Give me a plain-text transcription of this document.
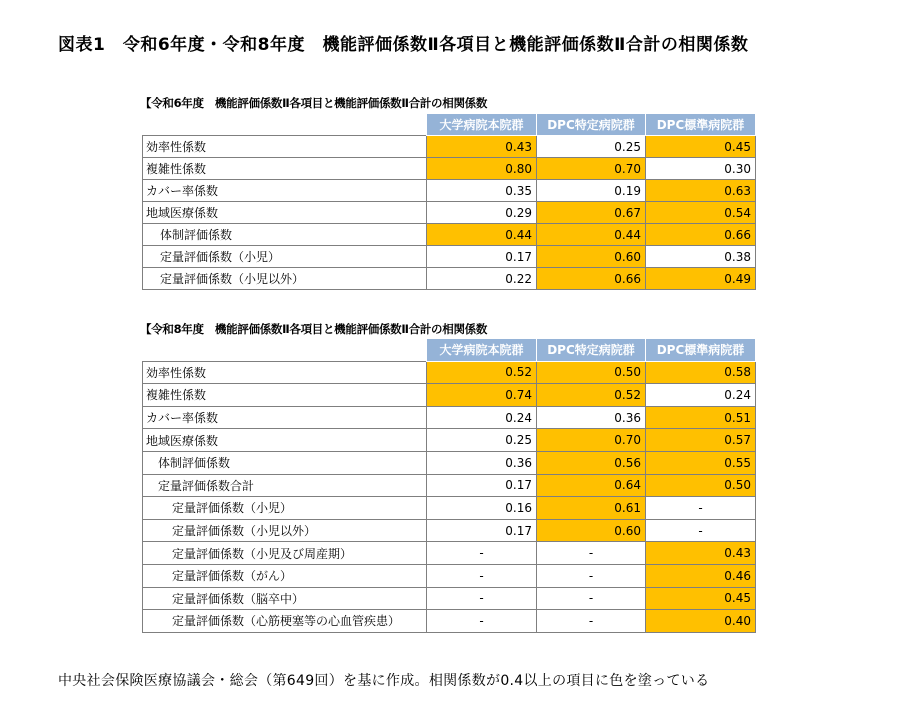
図表1　令和6年度・令和8年度　機能評価係数Ⅱ各項目と機能評価係数Ⅱ合計の相関係数
【令和6年度　機能評価係数Ⅱ各項目と機能評価係数Ⅱ合計の相関係数
	大学病院本院群	DPC特定病院群	DPC標準病院群
効率性係数	0.43	0.25	0.45
複雑性係数	0.80	0.70	0.30
カバー率係数	0.35	0.19	0.63
地域医療係数	0.29	0.67	0.54
体制評価係数	0.44	0.44	0.66
定量評価係数（小児）	0.17	0.60	0.38
定量評価係数（小児以外）	0.22	0.66	0.49
【令和8年度　機能評価係数Ⅱ各項目と機能評価係数Ⅱ合計の相関係数
	大学病院本院群	DPC特定病院群	DPC標準病院群
効率性係数	0.52	0.50	0.58
複雑性係数	0.74	0.52	0.24
カバー率係数	0.24	0.36	0.51
地域医療係数	0.25	0.70	0.57
体制評価係数	0.36	0.56	0.55
定量評価係数合計	0.17	0.64	0.50
定量評価係数（小児）	0.16	0.61	-
定量評価係数（小児以外）	0.17	0.60	-
定量評価係数（小児及び周産期）	-	-	0.43
定量評価係数（がん）	-	-	0.46
定量評価係数（脳卒中）	-	-	0.45
定量評価係数（心筋梗塞等の心血管疾患）	-	-	0.40
中央社会保険医療協議会・総会（第649回）を基に作成。相関係数が0.4以上の項目に色を塗っている
